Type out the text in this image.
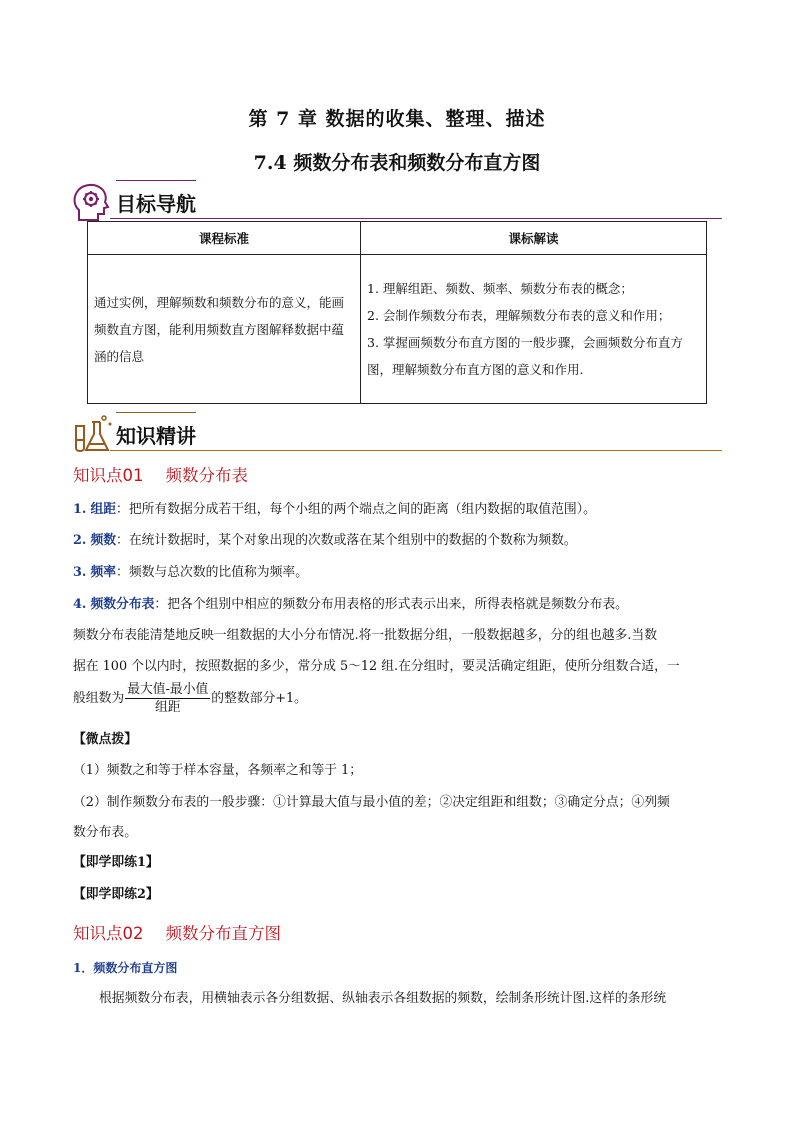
第 7 章 数据的收集、整理、描述
7.4 频数分布表和频数分布直方图
目标导航
课程标准	课标解读
通过实例，理解频数和频数分布的意义，能画频数直方图，能利用频数直方图解释数据中蕴涵的信息	1. 理解组距、频数、频率、频数分布表的概念；
2. 会制作频数分布表，理解频数分布表的意义和作用；
3. 掌握画频数分布直方图的一般步骤，会画频数分布直方图，理解频数分布直方图的意义和作用.
知识精讲
知识点01 频数分布表
1. 组距：把所有数据分成若干组，每个小组的两个端点之间的距离（组内数据的取值范围）。
2. 频数：在统计数据时，某个对象出现的次数或落在某个组别中的数据的个数称为频数。
3. 频率：频数与总次数的比值称为频率。
4. 频数分布表：把各个组别中相应的频数分布用表格的形式表示出来，所得表格就是频数分布表。
频数分布表能清楚地反映一组数据的大小分布情况.将一批数据分组，一般数据越多，分的组也越多.当数
据在 100 个以内时，按照数据的多少，常分成 5～12 组.在分组时，要灵活确定组距，使所分组数合适，一
般组数为 $\frac{\text{最大值-最小值}}{\text{组距}}$ 的整数部分+1。
【微点拨】
（1）频数之和等于样本容量，各频率之和等于 1；
（2）制作频数分布表的一般步骤：①计算最大值与最小值的差；②决定组距和组数；③确定分点；④列频
数分布表。
【即学即练1】
【即学即练2】
知识点02 频数分布直方图
1．频数分布直方图
根据频数分布表，用横轴表示各分组数据、纵轴表示各组数据的频数，绘制条形统计图.这样的条形统
